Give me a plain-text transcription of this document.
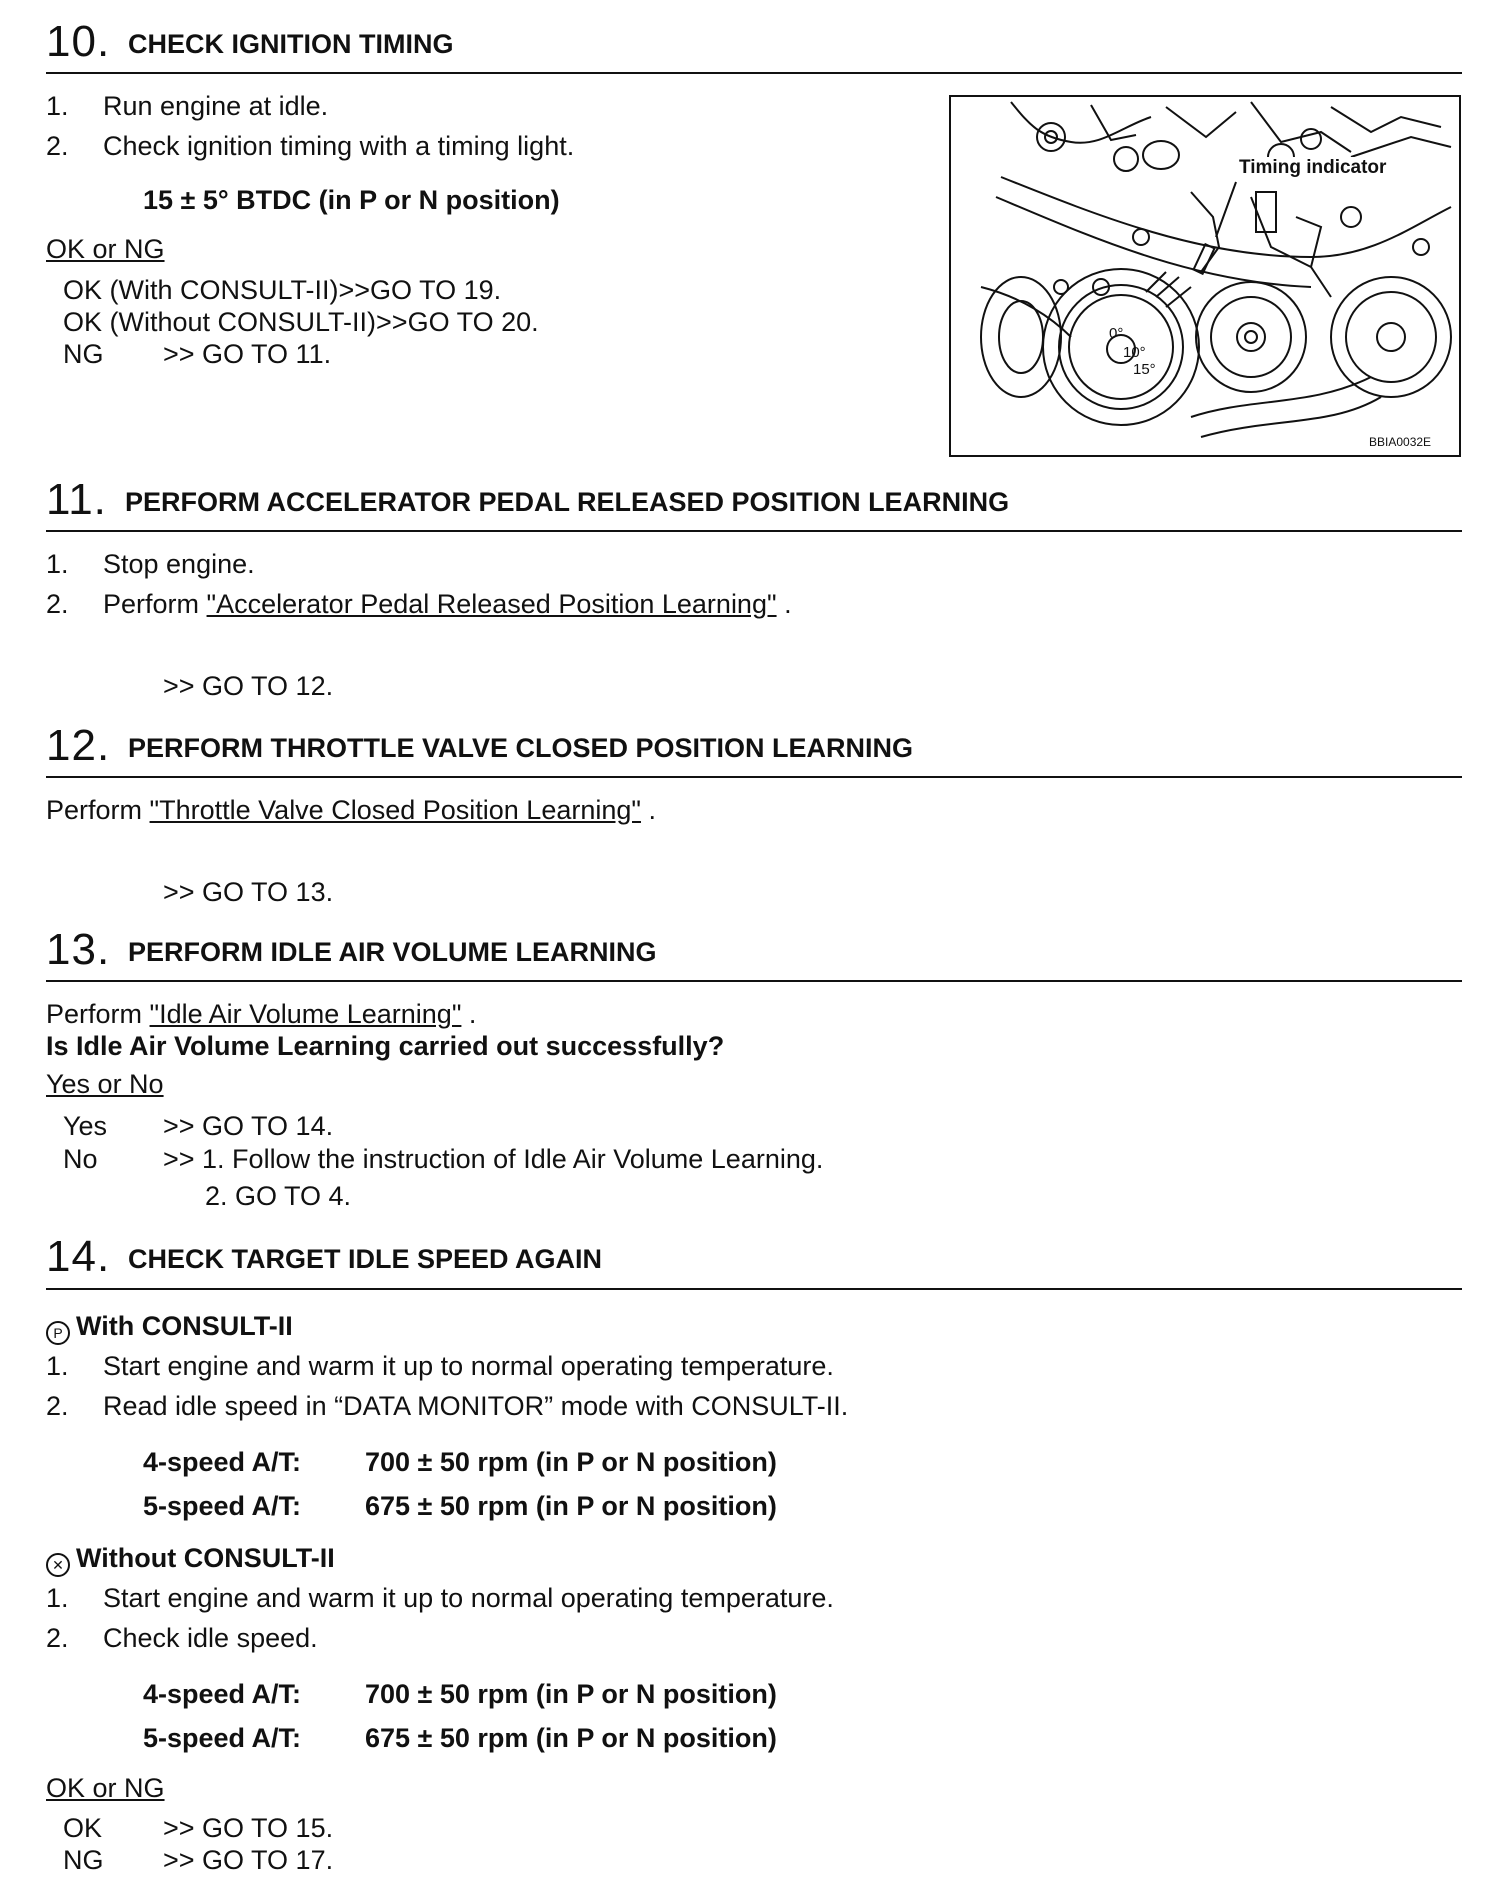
10. CHECK IGNITION TIMING
1. Run engine at idle.
2. Check ignition timing with a timing light.
15 ± 5° BTDC (in P or N position)
OK or NG
OK (With CONSULT-II)>>GO TO 19.
OK (Without CONSULT-II)>>GO TO 20.
NG >> GO TO 11.
Timing indicator
0°
10°
15°
BBIA0032E
11. PERFORM ACCELERATOR PEDAL RELEASED POSITION LEARNING
1. Stop engine.
2. Perform "Accelerator Pedal Released Position Learning" .
>> GO TO 12.
12. PERFORM THROTTLE VALVE CLOSED POSITION LEARNING
Perform "Throttle Valve Closed Position Learning" .
>> GO TO 13.
13. PERFORM IDLE AIR VOLUME LEARNING
Perform "Idle Air Volume Learning" .
Is Idle Air Volume Learning carried out successfully?
Yes or No
Yes >> GO TO 14.
No >> 1. Follow the instruction of Idle Air Volume Learning.
2. GO TO 4.
14. CHECK TARGET IDLE SPEED AGAIN
P With CONSULT-II
1. Start engine and warm it up to normal operating temperature.
2. Read idle speed in “DATA MONITOR” mode with CONSULT-II.
4-speed A/T: 700 ± 50 rpm (in P or N position)
5-speed A/T: 675 ± 50 rpm (in P or N position)
✕ Without CONSULT-II
1. Start engine and warm it up to normal operating temperature.
2. Check idle speed.
4-speed A/T: 700 ± 50 rpm (in P or N position)
5-speed A/T: 675 ± 50 rpm (in P or N position)
OK or NG
OK >> GO TO 15.
NG >> GO TO 17.
